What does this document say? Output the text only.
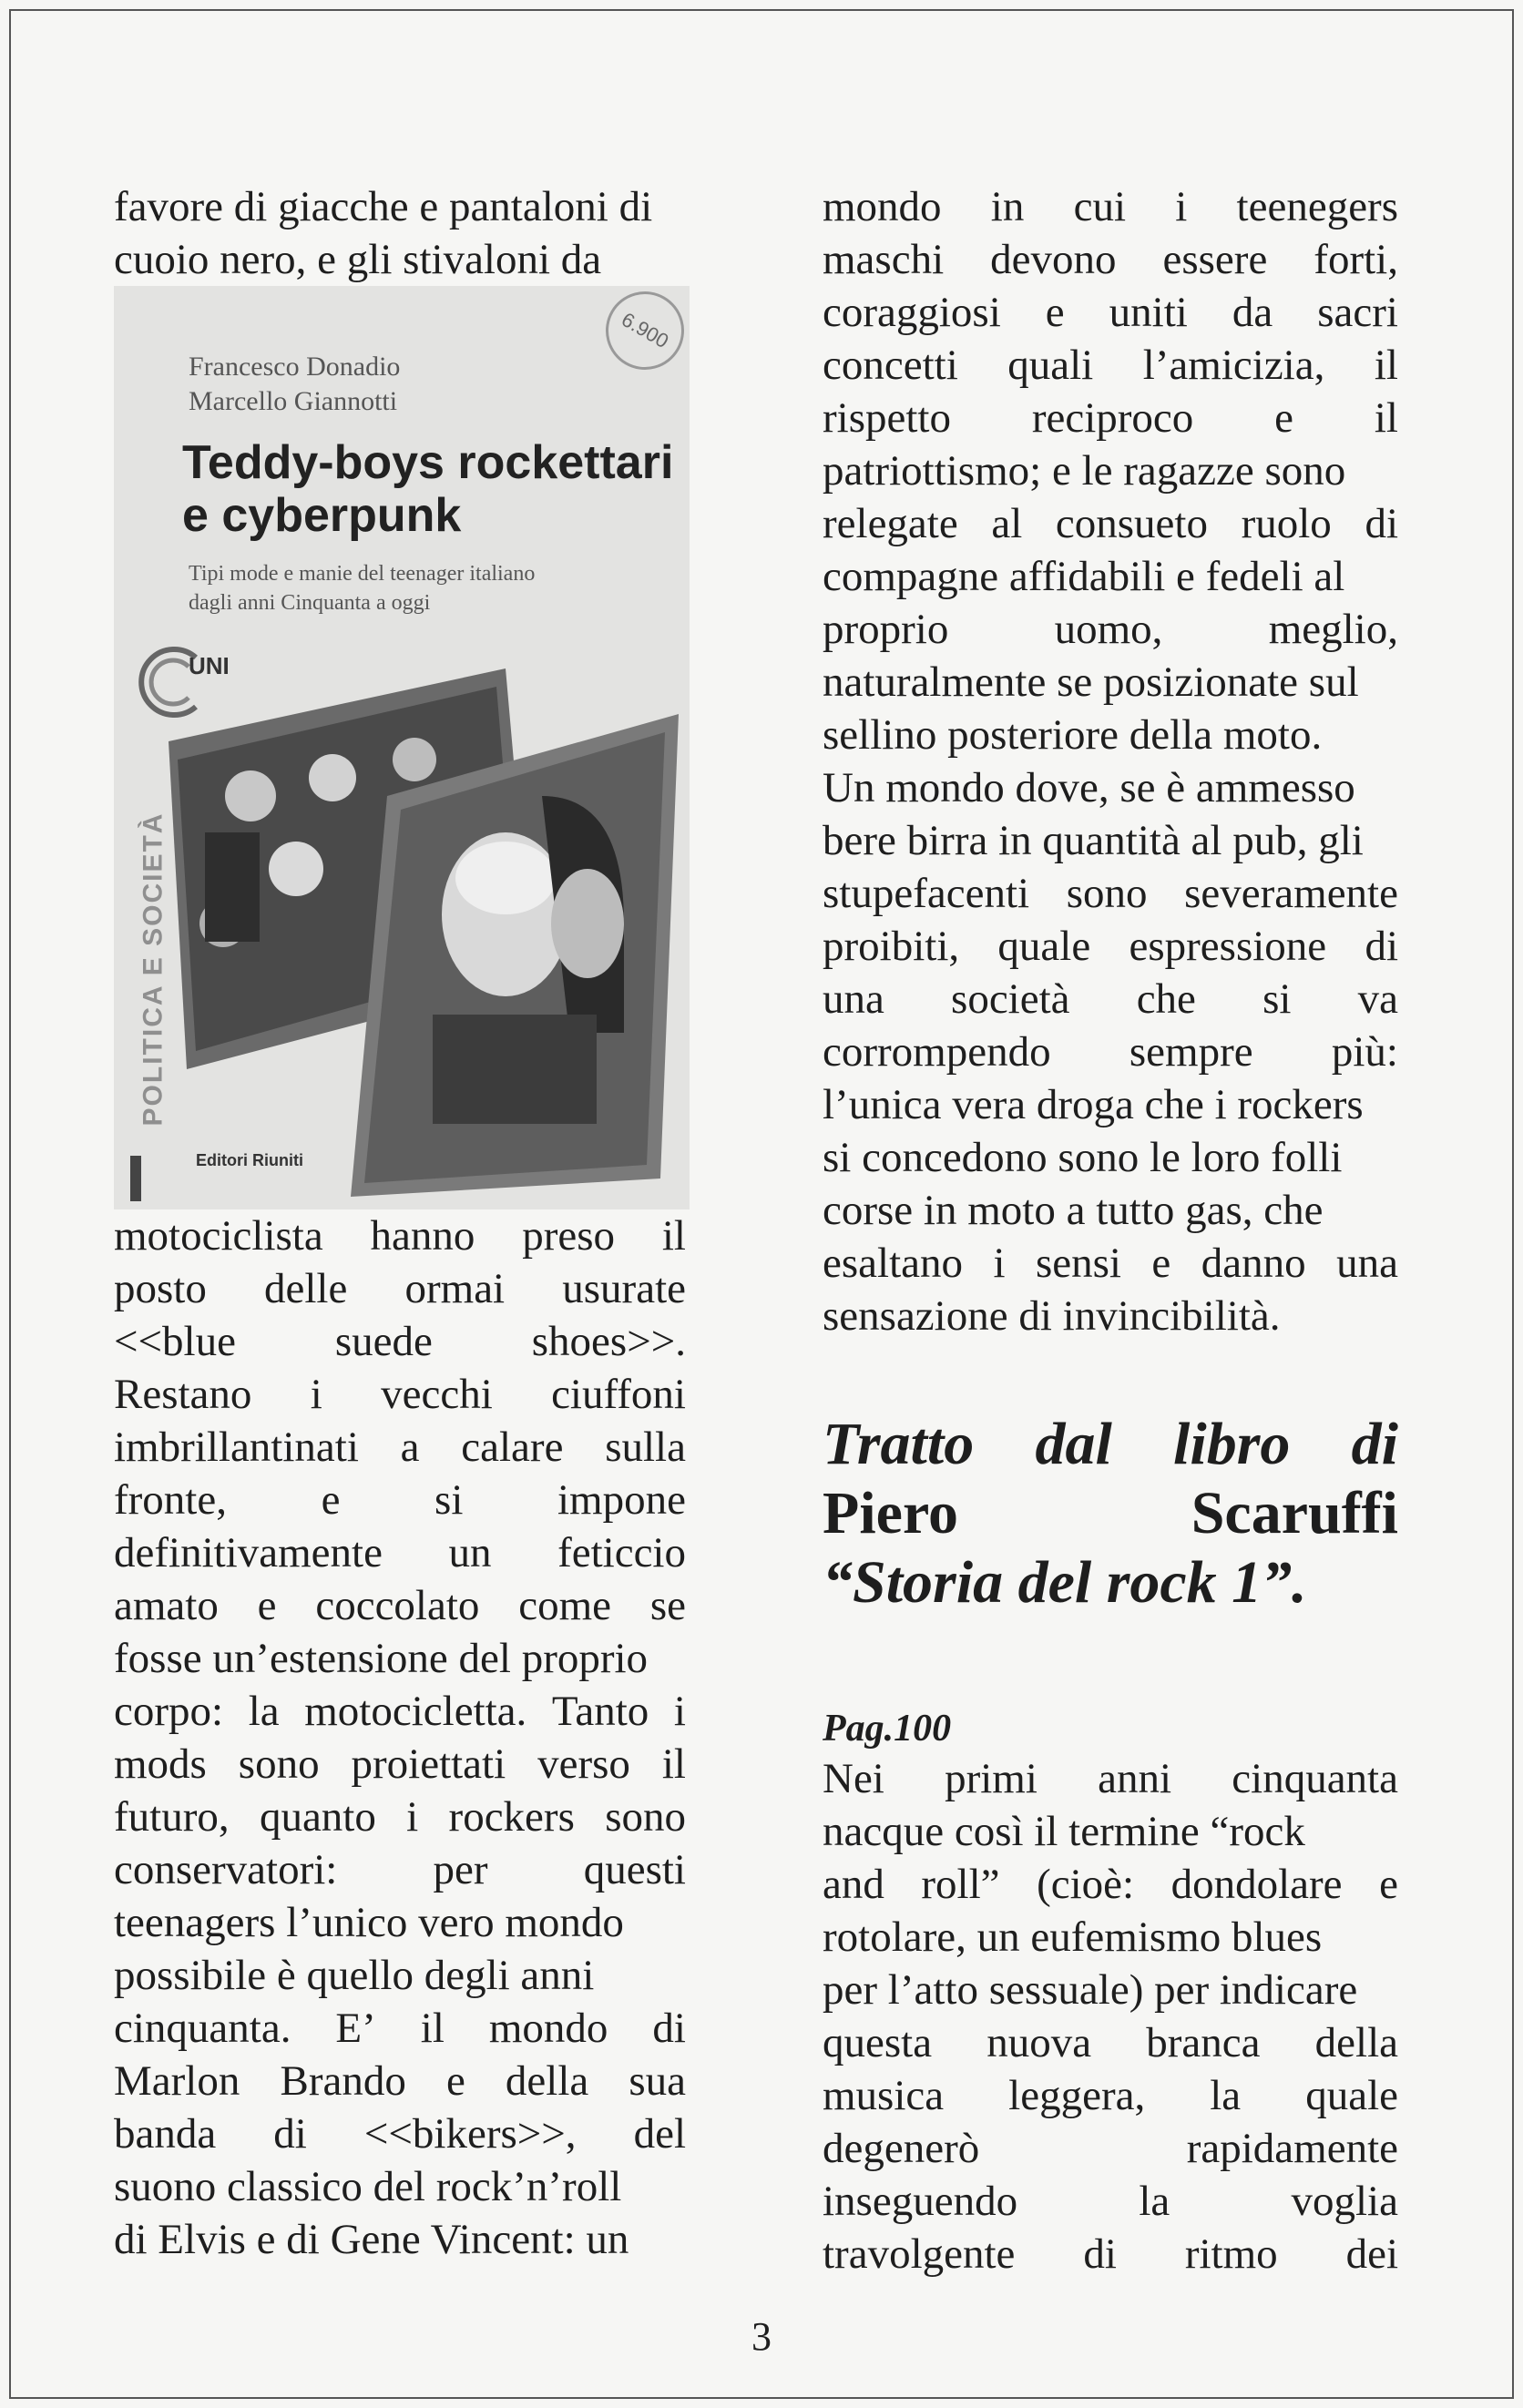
favore di giacche e pantaloni di
cuoio nero, e gli stivaloni da
6.900
Francesco Donadio
Marcello Giannotti
Teddy-boys rockettari
e cyberpunk
Tipi mode e manie del teenager italiano
dagli anni Cinquanta a oggi
UNI
POLITICA E SOCIETÀ
Editori Riuniti
motociclista hanno preso il
posto delle ormai usurate
<<blue suede shoes>>.
Restano i vecchi ciuffoni
imbrillantinati a calare sulla
fronte, e si impone
definitivamente un feticcio
amato e coccolato come se
fosse un’estensione del proprio
corpo: la motocicletta. Tanto i
mods sono proiettati verso il
futuro, quanto i rockers sono
conservatori: per questi
teenagers l’unico vero mondo
possibile è quello degli anni
cinquanta. E’ il mondo di
Marlon Brando e della sua
banda di <<bikers>>, del
suono classico del rock’n’roll
di Elvis e di Gene Vincent: un
mondo in cui i teenegers
maschi devono essere forti,
coraggiosi e uniti da sacri
concetti quali l’amicizia, il
rispetto reciproco e il
patriottismo; e le ragazze sono
relegate al consueto ruolo di
compagne affidabili e fedeli al
proprio uomo, meglio,
naturalmente se posizionate sul
sellino posteriore della moto.
Un mondo dove, se è ammesso
bere birra in quantità al pub, gli
stupefacenti sono severamente
proibiti, quale espressione di
una società che si va
corrompendo sempre più:
l’unica vera droga che i rockers
si concedono sono le loro folli
corse in moto a tutto gas, che
esaltano i sensi e danno una
sensazione di invincibilità.
Tratto dal libro di
Piero	Scaruffi
“Storia del rock 1”.
Pag.100
Nei primi anni cinquanta
nacque così il termine “rock
and roll” (cioè: dondolare e
rotolare, un eufemismo blues
per l’atto sessuale) per indicare
questa nuova branca della
musica leggera, la quale
degenerò	rapidamente
inseguendo	la	voglia
travolgente di ritmo dei
3
